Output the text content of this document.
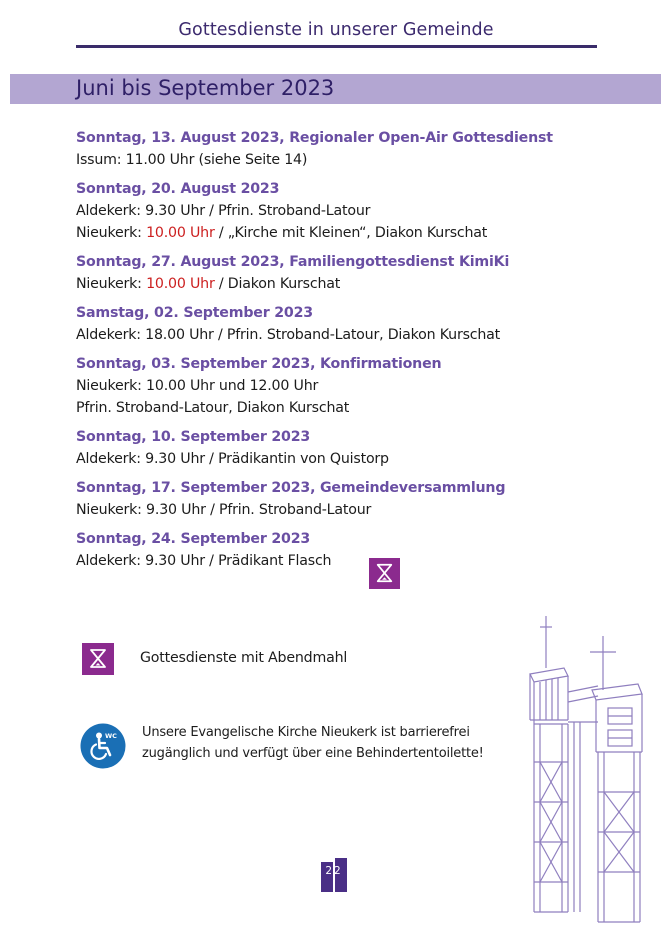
Gottesdienste in unserer Gemeinde
Juni bis September 2023
Sonntag, 13. August 2023, Regionaler Open-Air Gottesdienst
Issum: 11.00 Uhr (siehe Seite 14)
Sonntag, 20. August 2023
Aldekerk: 9.30 Uhr / Pfrin. Stroband-Latour
Nieukerk: 10.00 Uhr / „Kirche mit Kleinen“, Diakon Kurschat
Sonntag, 27. August 2023, Familiengottesdienst KimiKi
Nieukerk: 10.00 Uhr / Diakon Kurschat
Samstag, 02. September 2023
Aldekerk: 18.00 Uhr / Pfrin. Stroband-Latour, Diakon Kurschat
Sonntag, 03. September 2023, Konfirmationen
Nieukerk: 10.00 Uhr und 12.00 Uhr
Pfrin. Stroband-Latour, Diakon Kurschat
Sonntag, 10. September 2023
Aldekerk: 9.30 Uhr / Prädikantin von Quistorp
Sonntag, 17. September 2023, Gemeindeversammlung
Nieukerk: 9.30 Uhr / Pfrin. Stroband-Latour
Sonntag, 24. September 2023
Aldekerk: 9.30 Uhr / Prädikant Flasch
Gottesdienste mit Abendmahl
WC Unsere Evangelische Kirche Nieukerk ist barrierefrei
zugänglich und verfügt über eine Behindertentoilette!
22
